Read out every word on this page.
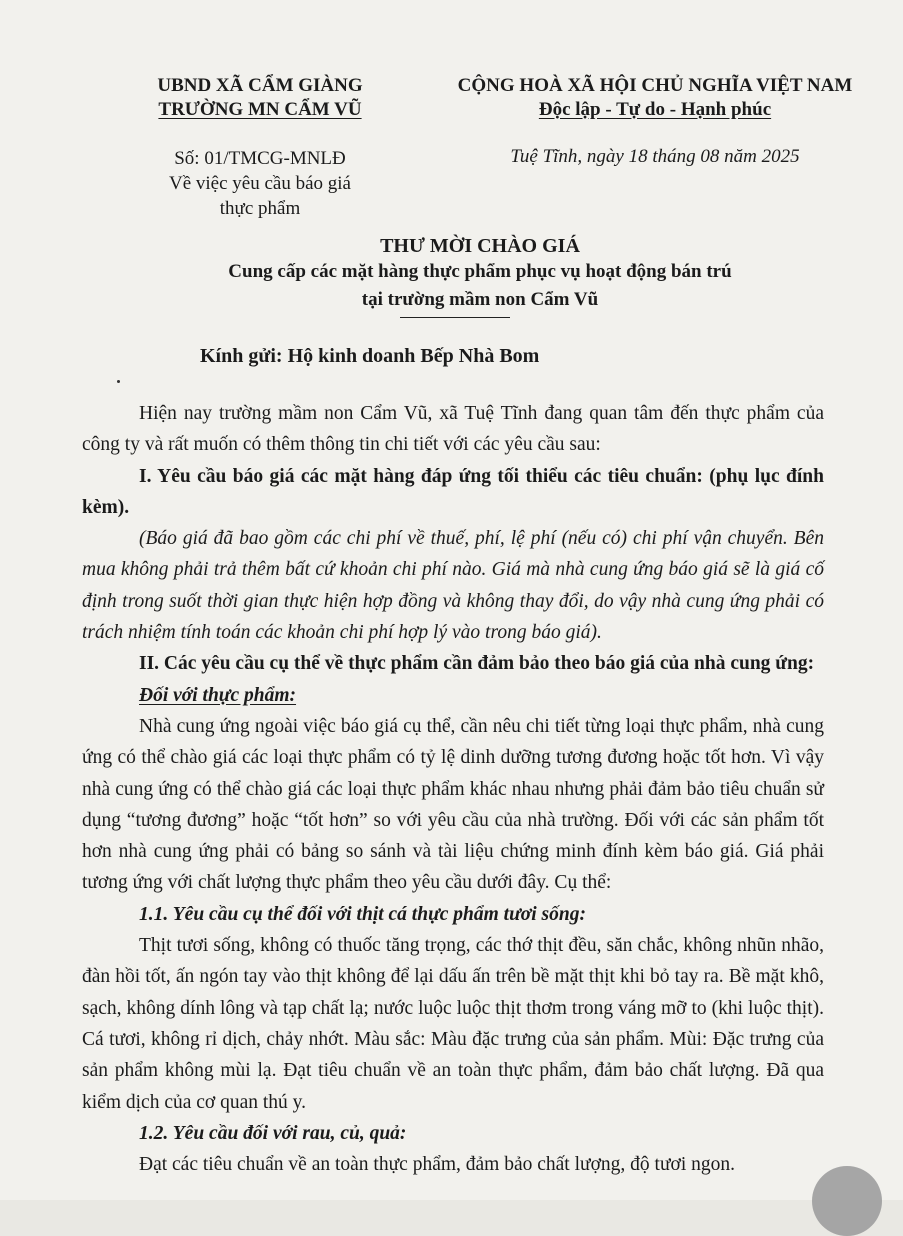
UBND XÃ CẨM GIÀNG
TRƯỜNG MN CẨM VŨ
CỘNG HOÀ XÃ HỘI CHỦ NGHĨA VIỆT NAM
Độc lập - Tự do - Hạnh phúc
Số: 01/TMCG-MNLĐ
Về việc yêu cầu báo giá
thực phẩm
Tuệ Tĩnh, ngày 18 tháng 08 năm 2025
THƯ MỜI CHÀO GIÁ
Cung cấp các mặt hàng thực phẩm phục vụ hoạt động bán trú
tại trường mầm non Cẩm Vũ
Kính gửi: Hộ kinh doanh Bếp Nhà Bom

Hiện nay trường mầm non Cẩm Vũ, xã Tuệ Tĩnh đang quan tâm đến thực phẩm của công ty và rất muốn có thêm thông tin chi tiết với các yêu cầu sau:

I. Yêu cầu báo giá các mặt hàng đáp ứng tối thiểu các tiêu chuẩn: (phụ lục đính kèm).

(Báo giá đã bao gồm các chi phí về thuế, phí, lệ phí (nếu có) chi phí vận chuyển. Bên mua không phải trả thêm bất cứ khoản chi phí nào. Giá mà nhà cung ứng báo giá sẽ là giá cố định trong suốt thời gian thực hiện hợp đồng và không thay đổi, do vậy nhà cung ứng phải có trách nhiệm tính toán các khoản chi phí hợp lý vào trong báo giá).

II. Các yêu cầu cụ thể về thực phẩm cần đảm bảo theo báo giá của nhà cung ứng:

Đối với thực phẩm:

Nhà cung ứng ngoài việc báo giá cụ thể, cần nêu chi tiết từng loại thực phẩm, nhà cung ứng có thể chào giá các loại thực phẩm có tỷ lệ dinh dưỡng tương đương hoặc tốt hơn. Vì vậy nhà cung ứng có thể chào giá các loại thực phẩm khác nhau nhưng phải đảm bảo tiêu chuẩn sử dụng “tương đương” hoặc “tốt hơn” so với yêu cầu của nhà trường. Đối với các sản phẩm tốt hơn nhà cung ứng phải có bảng so sánh và tài liệu chứng minh đính kèm báo giá. Giá phải tương ứng với chất lượng thực phẩm theo yêu cầu dưới đây. Cụ thể:

1.1. Yêu cầu cụ thể đối với thịt cá thực phẩm tươi sống:

Thịt tươi sống, không có thuốc tăng trọng, các thớ thịt đều, săn chắc, không nhũn nhão, đàn hồi tốt, ấn ngón tay vào thịt không để lại dấu ấn trên bề mặt thịt khi bỏ tay ra. Bề mặt khô, sạch, không dính lông và tạp chất lạ; nước luộc luộc thịt thơm trong váng mỡ to (khi luộc thịt). Cá tươi, không rỉ dịch, chảy nhớt. Màu sắc: Màu đặc trưng của sản phẩm. Mùi: Đặc trưng của sản phẩm không mùi lạ. Đạt tiêu chuẩn về an toàn thực phẩm, đảm bảo chất lượng. Đã qua kiểm dịch của cơ quan thú y.

1.2. Yêu cầu đối với rau, củ, quả:

Đạt các tiêu chuẩn về an toàn thực phẩm, đảm bảo chất lượng, độ tươi ngon.
